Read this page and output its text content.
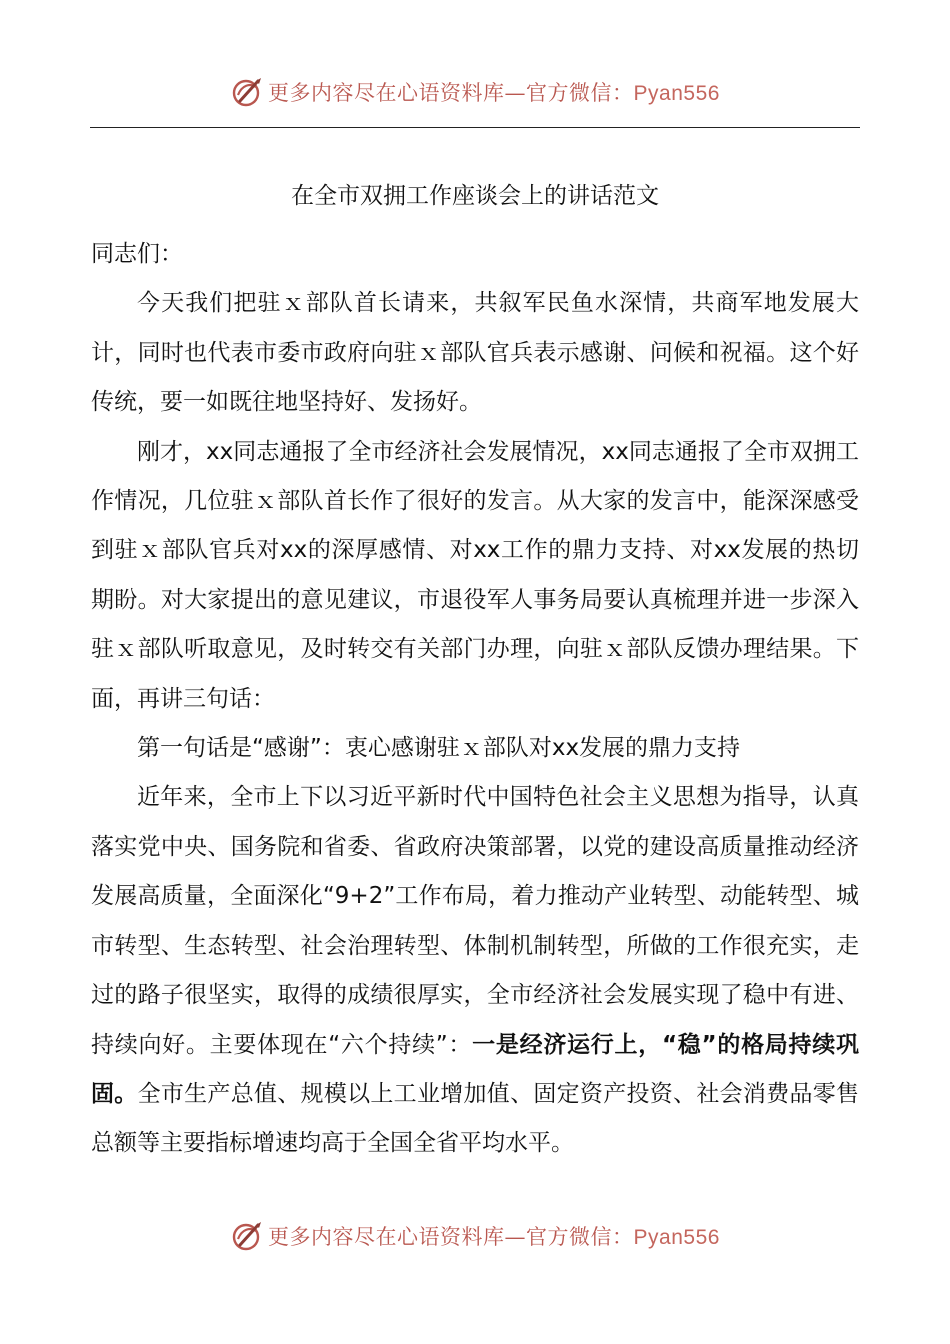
更多内容尽在心语资料库—官方微信：Pyan556
在全市双拥工作座谈会上的讲话范文

同志们：

今天我们把驻ｘ部队首长请来，共叙军民鱼水深情，共商军地发展大计，同时也代表市委市政府向驻ｘ部队官兵表示感谢、问候和祝福。这个好传统，要一如既往地坚持好、发扬好。

刚才，xx同志通报了全市经济社会发展情况，xx同志通报了全市双拥工作情况，几位驻ｘ部队首长作了很好的发言。从大家的发言中，能深深感受到驻ｘ部队官兵对xx的深厚感情、对xx工作的鼎力支持、对xx发展的热切期盼。对大家提出的意见建议，市退役军人事务局要认真梳理并进一步深入驻ｘ部队听取意见，及时转交有关部门办理，向驻ｘ部队反馈办理结果。下面，再讲三句话：

第一句话是“感谢”：衷心感谢驻ｘ部队对xx发展的鼎力支持

近年来，全市上下以习近平新时代中国特色社会主义思想为指导，认真落实党中央、国务院和省委、省政府决策部署，以党的建设高质量推动经济发展高质量，全面深化“9+2”工作布局，着力推动产业转型、动能转型、城市转型、生态转型、社会治理转型、体制机制转型，所做的工作很充实，走过的路子很坚实，取得的成绩很厚实，全市经济社会发展实现了稳中有进、持续向好。主要体现在“六个持续”：一是经济运行上，“稳”的格局持续巩固。全市生产总值、规模以上工业增加值、固定资产投资、社会消费品零售总额等主要指标增速均高于全国全省平均水平。

更多内容尽在心语资料库—官方微信：Pyan556
